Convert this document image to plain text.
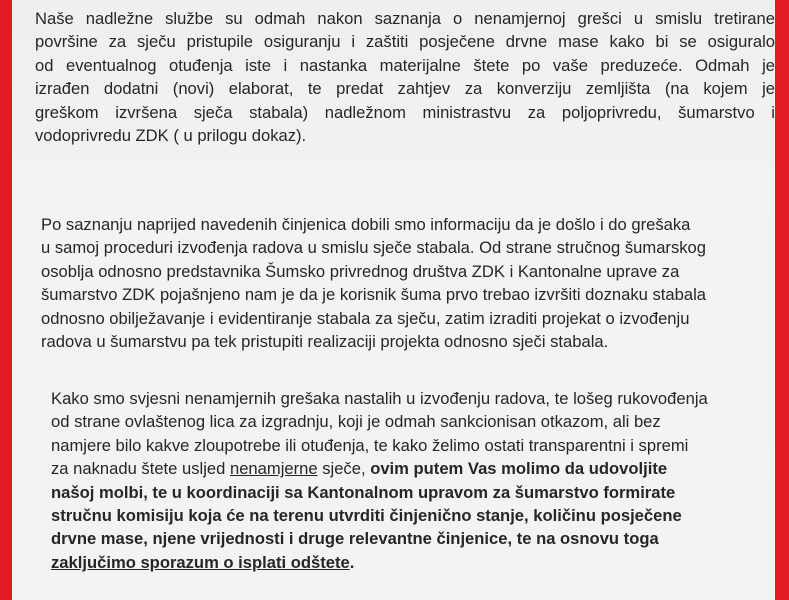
Naše nadležne službe su odmah nakon saznanja o nenamjernoj grešci u smislu tretirane
površine za sječu pristupile osiguranju i zaštiti posječene drvne mase kako bi se osiguralo
od eventualnog otuđenja iste i nastanka materijalne štete po vaše preduzeće. Odmah je
izrađen dodatni (novi) elaborat, te predat zahtjev za konverziju zemljišta (na kojem je
greškom izvršena sječa stabala) nadležnom ministrastvu za poljoprivredu, šumarstvo i
vodoprivredu ZDK ( u prilogu dokaz).
Po saznanju naprijed navedenih činjenica dobili smo informaciju da je došlo i do grešaka
u samoj proceduri izvođenja radova u smislu sječe stabala. Od strane stručnog šumarskog
osoblja odnosno predstavnika Šumsko privrednog društva ZDK i Kantonalne uprave za
šumarstvo ZDK pojašnjeno nam je da je korisnik šuma prvo trebao izvršiti doznaku stabala
odnosno obilježavanje i evidentiranje stabala za sječu, zatim izraditi projekat o izvođenju
radova u šumarstvu pa tek pristupiti realizaciji projekta odnosno sječi stabala.
Kako smo svjesni nenamjernih grešaka nastalih u izvođenju radova, te lošeg rukovođenja
od strane ovlaštenog lica za izgradnju, koji je odmah sankcionisan otkazom, ali bez
namjere bilo kakve zloupotrebe ili otuđenja, te kako želimo ostati transparentni i spremi
za naknadu štete usljed nenamjerne sječe, ovim putem Vas molimo da udovoljite
našoj molbi, te u koordinaciji sa Kantonalnom upravom za šumarstvo formirate
stručnu komisiju koja će na terenu utvrditi činjenično stanje, količinu posječene
drvne mase, njene vrijednosti i druge relevantne činjenice, te na osnovu toga
zaključimo sporazum o isplati odštete.
